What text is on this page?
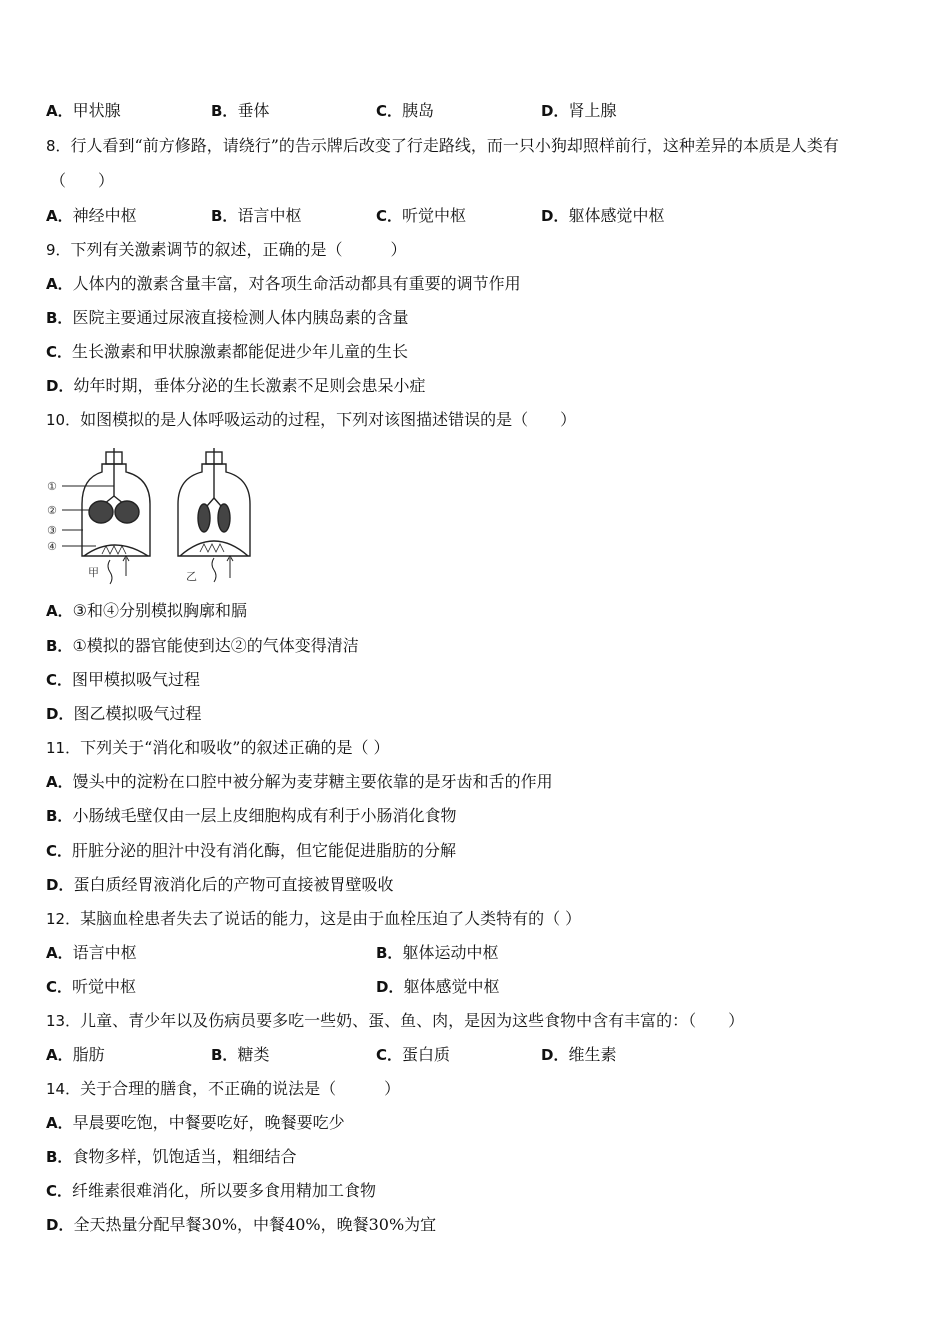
A．甲状腺	B．垂体	C．胰岛	D．肾上腺
8．行人看到“前方修路，请绕行”的告示牌后改变了行走路线，而一只小狗却照样前行，这种差异的本质是人类有
（　　）
A．神经中枢	B．语言中枢	C．听觉中枢	D．躯体感觉中枢
9．下列有关激素调节的叙述，正确的是（　　　）
A．人体内的激素含量丰富，对各项生命活动都具有重要的调节作用
B．医院主要通过尿液直接检测人体内胰岛素的含量
C．生长激素和甲状腺激素都能促进少年儿童的生长
D．幼年时期，垂体分泌的生长激素不足则会患呆小症
10．如图模拟的是人体呼吸运动的过程，下列对该图描述错误的是（　　）
①
②
③
④
甲	乙
A．③和④分别模拟胸廓和膈
B．①模拟的器官能使到达②的气体变得清洁
C．图甲模拟吸气过程
D．图乙模拟吸气过程
11．下列关于“消化和吸收”的叙述正确的是（ ）
A．馒头中的淀粉在口腔中被分解为麦芽糖主要依靠的是牙齿和舌的作用
B．小肠绒毛壁仅由一层上皮细胞构成有利于小肠消化食物
C．肝脏分泌的胆汁中没有消化酶，但它能促进脂肪的分解
D．蛋白质经胃液消化后的产物可直接被胃壁吸收
12．某脑血栓患者失去了说话的能力，这是由于血栓压迫了人类特有的（ ）
A．语言中枢	B．躯体运动中枢
C．听觉中枢	D．躯体感觉中枢
13．儿童、青少年以及伤病员要多吃一些奶、蛋、鱼、肉，是因为这些食物中含有丰富的：（　　）
A．脂肪	B．糖类	C．蛋白质	D．维生素
14．关于合理的膳食，不正确的说法是（　　　）
A．早晨要吃饱，中餐要吃好，晚餐要吃少
B．食物多样，饥饱适当，粗细结合
C．纤维素很难消化，所以要多食用精加工食物
D．全天热量分配早餐30%，中餐40%，晚餐30%为宜
